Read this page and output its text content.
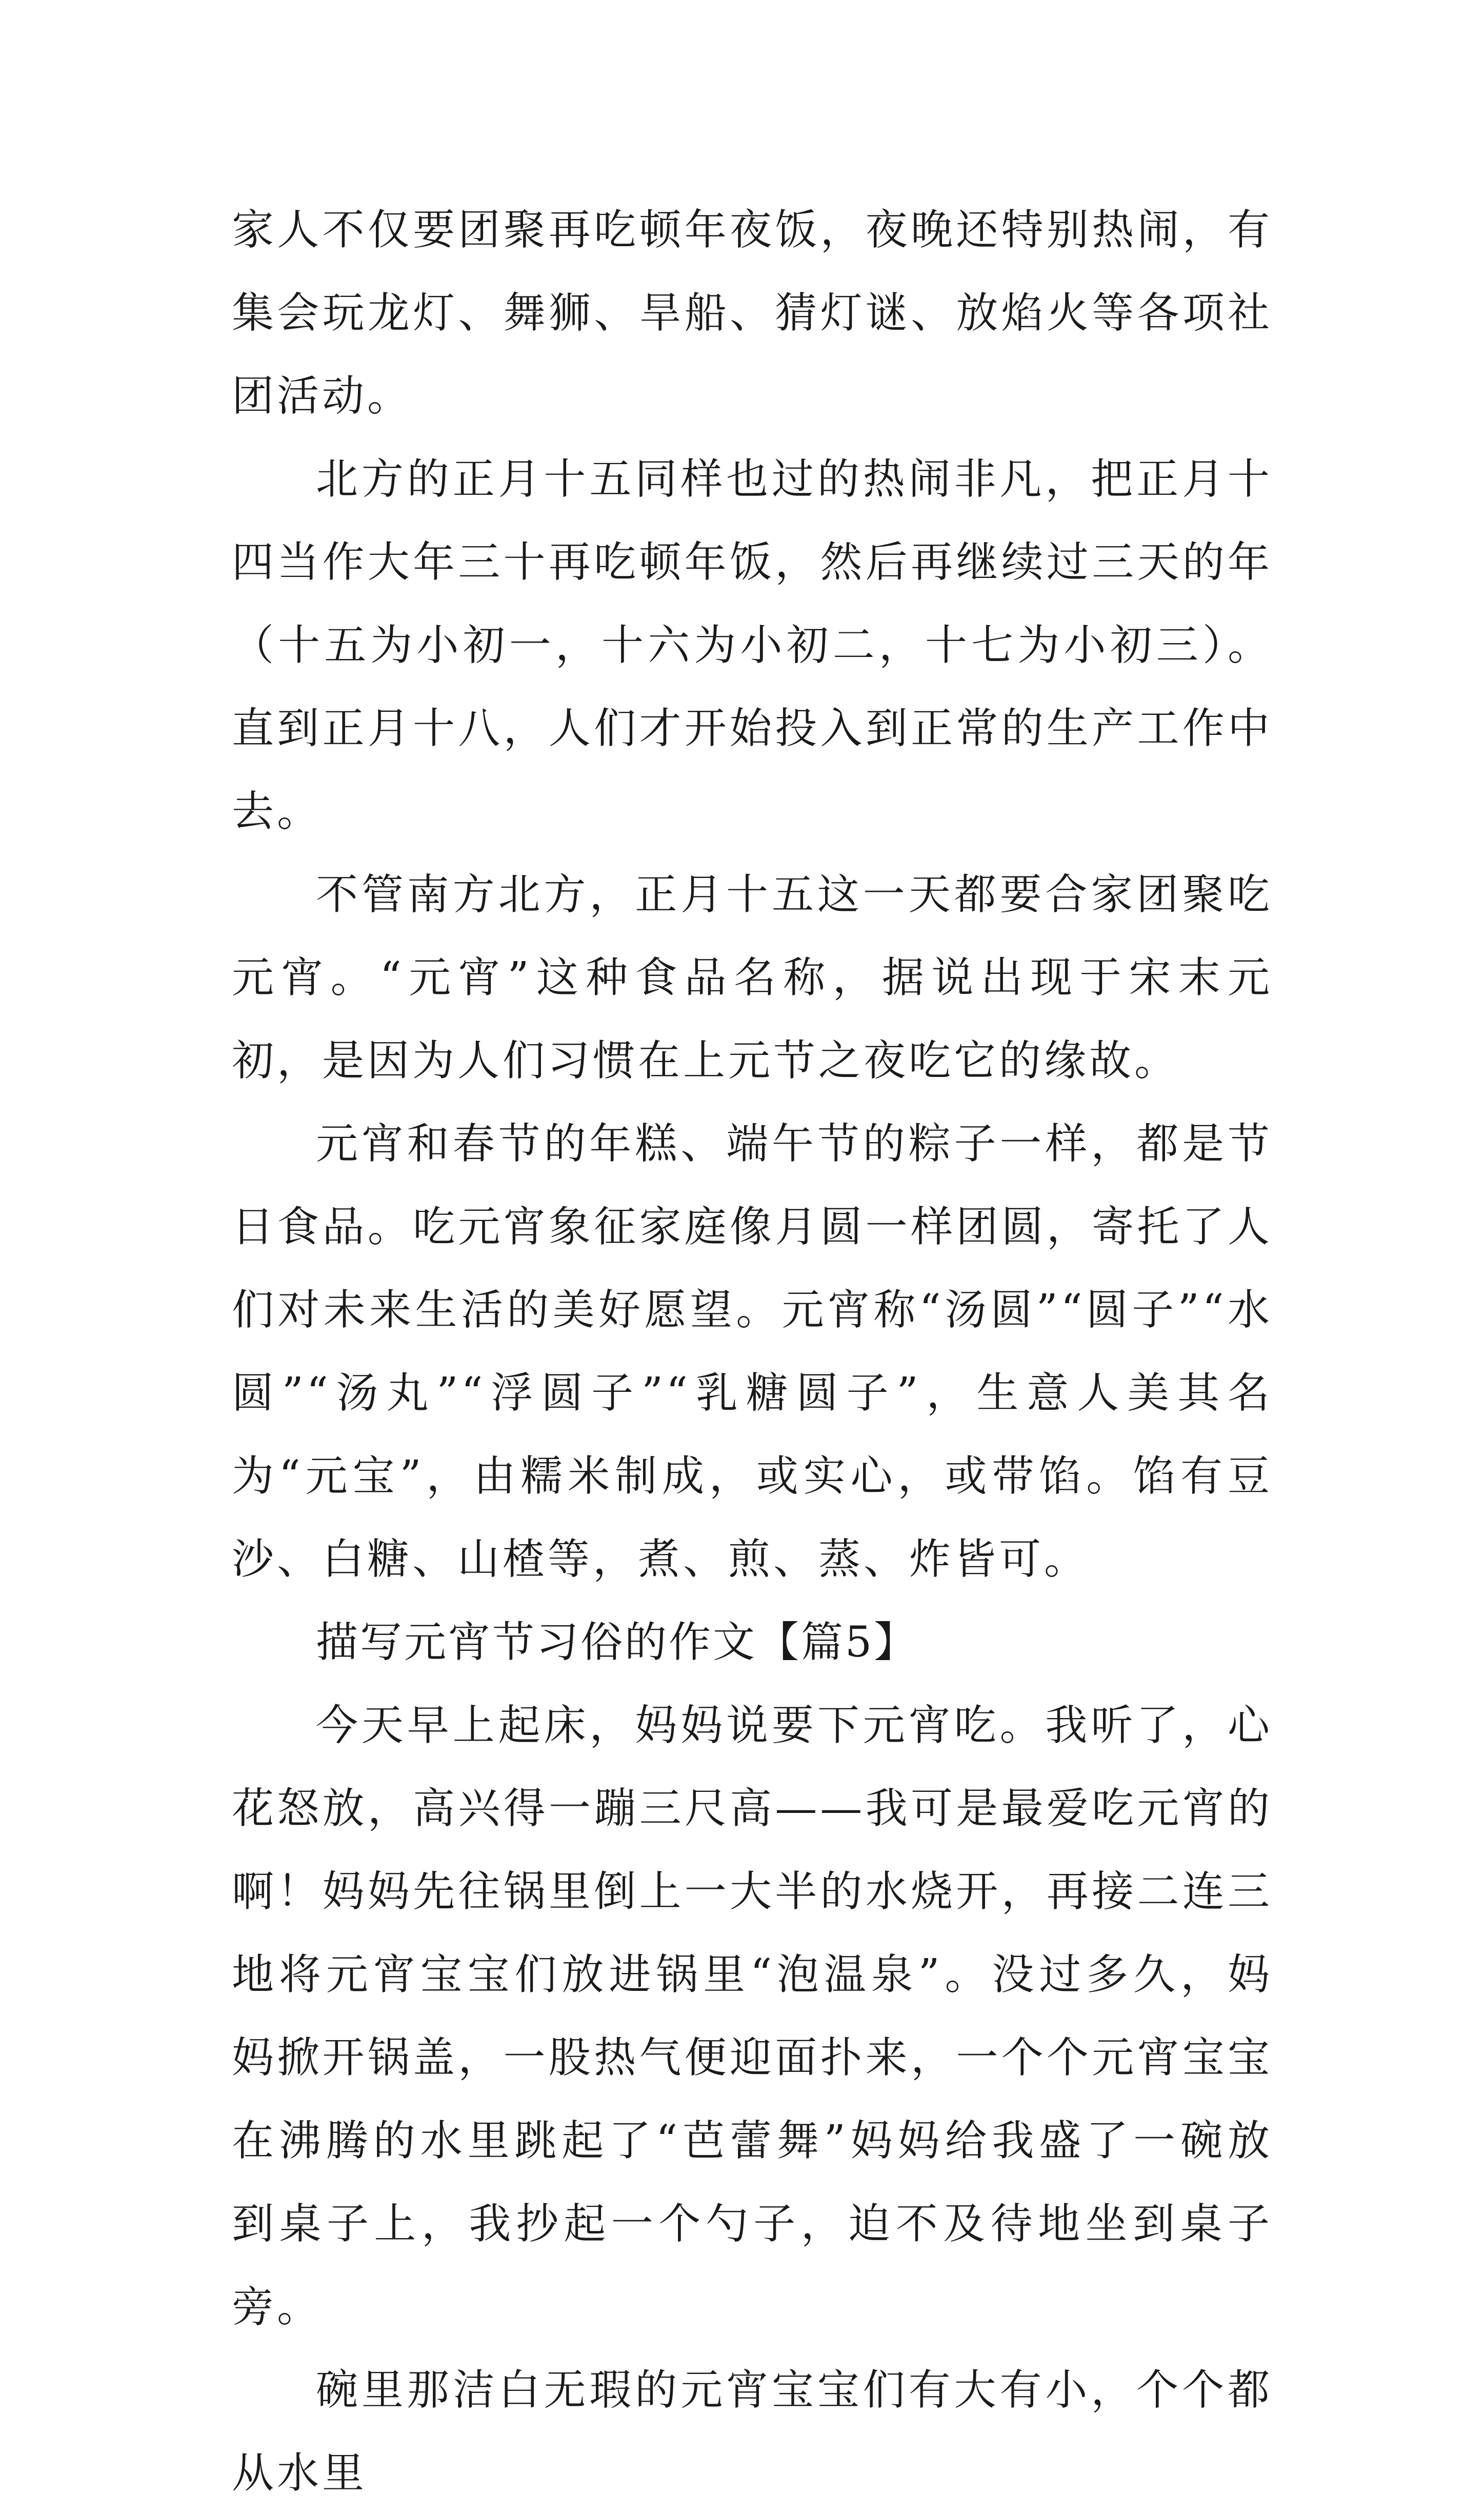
家人不仅要团聚再吃顿年夜饭，夜晚还特别热闹，有集会玩龙灯、舞狮、旱船、猜灯谜、放焰火等各项社团活动。

北方的正月十五同样也过的热闹非凡，把正月十四当作大年三十再吃顿年饭，然后再继续过三天的年（十五为小初一，十六为小初二，十七为小初三）。直到正月十八，人们才开始投入到正常的生产工作中去。

不管南方北方，正月十五这一天都要合家团聚吃元宵。“元宵”这种食品名称，据说出现于宋末元初，是因为人们习惯在上元节之夜吃它的缘故。

元宵和春节的年糕、端午节的粽子一样，都是节日食品。吃元宵象征家庭像月圆一样团圆，寄托了人们对未来生活的美好愿望。元宵称“汤圆”“圆子”“水圆”“汤丸”“浮圆子”“乳糖圆子”，生意人美其名为“元宝”，由糯米制成，或实心，或带馅。馅有豆沙、白糖、山楂等，煮、煎、蒸、炸皆可。

描写元宵节习俗的作文【篇5】

今天早上起床，妈妈说要下元宵吃。我听了，心花怒放，高兴得一蹦三尺高——我可是最爱吃元宵的啊！妈妈先往锅里倒上一大半的水烧开，再接二连三地将元宵宝宝们放进锅里“泡温泉”。没过多久，妈妈掀开锅盖，一股热气便迎面扑来，一个个元宵宝宝在沸腾的水里跳起了“芭蕾舞”妈妈给我盛了一碗放到桌子上，我抄起一个勺子，迫不及待地坐到桌子旁。

碗里那洁白无瑕的元宵宝宝们有大有小，个个都从水里
